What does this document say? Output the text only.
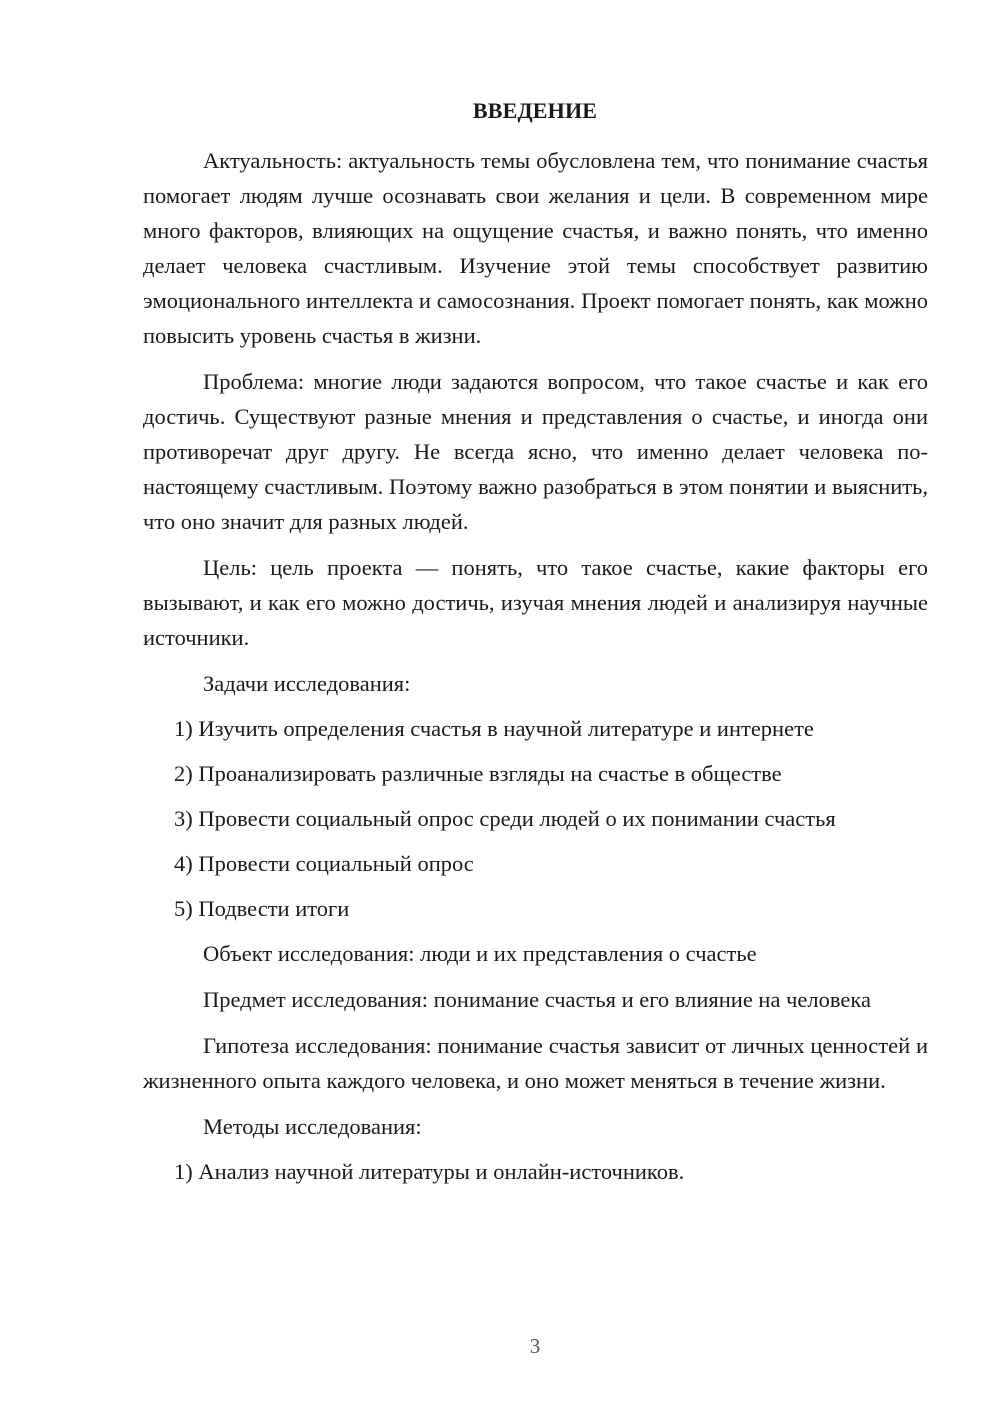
ВВЕДЕНИЕ

Актуальность: актуальность темы обусловлена тем, что понимание счастья помогает людям лучше осознавать свои желания и цели. В современном мире много факторов, влияющих на ощущение счастья, и важно понять, что именно делает человека счастливым. Изучение этой темы способствует развитию эмоционального интеллекта и самосознания. Проект помогает понять, как можно повысить уровень счастья в жизни.

Проблема: многие люди задаются вопросом, что такое счастье и как его достичь. Существуют разные мнения и представления о счастье, и иногда они противоречат друг другу. Не всегда ясно, что именно делает человека по-настоящему счастливым. Поэтому важно разобраться в этом понятии и выяснить, что оно значит для разных людей.

Цель: цель проекта — понять, что такое счастье, какие факторы его вызывают, и как его можно достичь, изучая мнения людей и анализируя научные источники.

Задачи исследования:

1) Изучить определения счастья в научной литературе и интернете

2) Проанализировать различные взгляды на счастье в обществе

3) Провести социальный опрос среди людей о их понимании счастья

4) Провести социальный опрос

5) Подвести итоги

Объект исследования: люди и их представления о счастье

Предмет исследования: понимание счастья и его влияние на человека

Гипотеза исследования: понимание счастья зависит от личных ценностей и жизненного опыта каждого человека, и оно может меняться в течение жизни.

Методы исследования:

1) Анализ научной литературы и онлайн-источников.

3
